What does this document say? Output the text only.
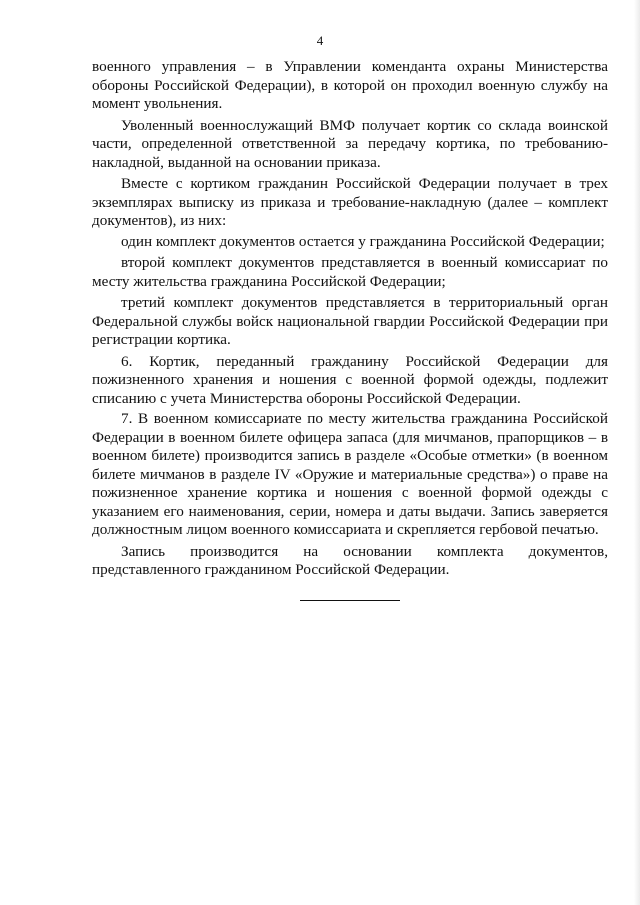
4

военного управления – в Управлении коменданта охраны Министерства обороны Российской Федерации), в которой он проходил военную службу на момент увольнения.

Уволенный военнослужащий ВМФ получает кортик со склада воинской части, определенной ответственной за передачу кортика, по требованию-накладной, выданной на основании приказа.

Вместе с кортиком гражданин Российской Федерации получает в трех экземплярах выписку из приказа и требование-накладную (далее – комплект документов), из них:

один комплект документов остается у гражданина Российской Федерации;

второй комплект документов представляется в военный комиссариат по месту жительства гражданина Российской Федерации;

третий комплект документов представляется в территориальный орган Федеральной службы войск национальной гвардии Российской Федерации при регистрации кортика.

6. Кортик, переданный гражданину Российской Федерации для пожизненного хранения и ношения с военной формой одежды, подлежит списанию с учета Министерства обороны Российской Федерации.

7. В военном комиссариате по месту жительства гражданина Российской Федерации в военном билете офицера запаса (для мичманов, прапорщиков – в военном билете) производится запись в разделе «Особые отметки» (в военном билете мичманов в разделе IV «Оружие и материальные средства») о праве на пожизненное хранение кортика и ношения с военной формой одежды с указанием его наименования, серии, номера и даты выдачи. Запись заверяется должностным лицом военного комиссариата и скрепляется гербовой печатью.

Запись производится на основании комплекта документов, представленного гражданином Российской Федерации.
